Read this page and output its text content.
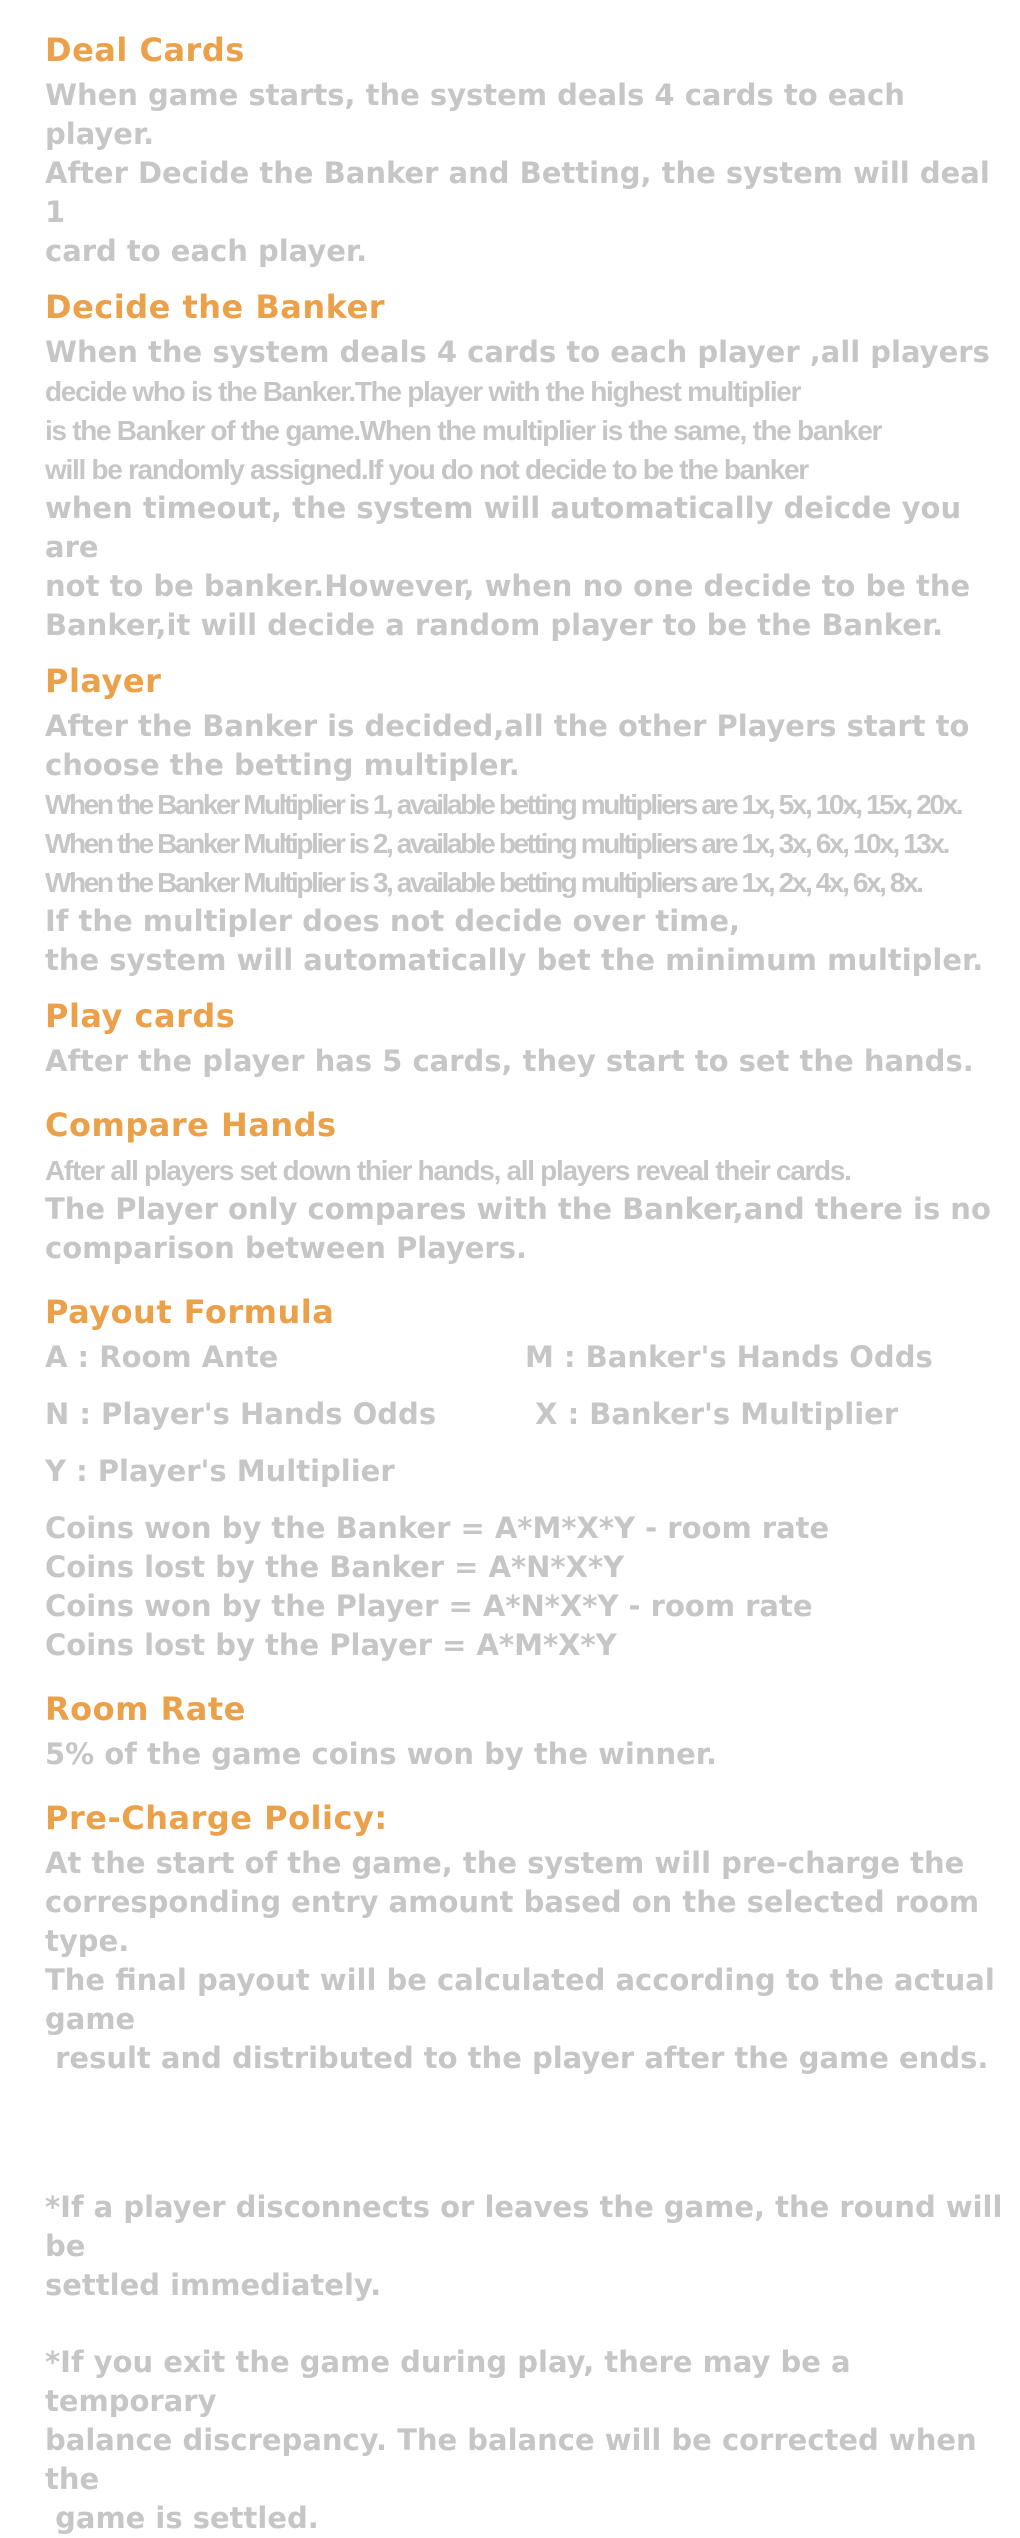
Deal Cards
When game starts, the system deals 4 cards to each player.
After Decide the Banker and Betting, the system will deal 1
card to each player.
Decide the Banker
When the system deals 4 cards to each player ,all players
decide who is the Banker.The player with the highest multiplier
is the Banker of the game.When the multiplier is the same, the banker
will be randomly assigned.If you do not decide to be the banker
when timeout, the system will automatically deicde you are
not to be banker.However, when no one decide to be the
Banker,it will decide a random player to be the Banker.
Player
After the Banker is decided,all the other Players start to
choose the betting multipler.
When the Banker Multiplier is 1, available betting multipliers are 1x, 5x, 10x, 15x, 20x.
When the Banker Multiplier is 2, available betting multipliers are 1x, 3x, 6x, 10x, 13x.
When the Banker Multiplier is 3, available betting multipliers are 1x, 2x, 4x, 6x, 8x.
If the multipler does not decide over time,
the system will automatically bet the minimum multipler.
Play cards
After the player has 5 cards, they start to set the hands.
Compare Hands
After all players set down thier hands, all players reveal their cards.
The Player only compares with the Banker,and there is no
comparison between Players.
Payout Formula
A : Room Ante	M : Banker's Hands Odds
N : Player's Hands Odds	X : Banker's Multiplier
Y : Player's Multiplier
Coins won by the Banker = A*M*X*Y - room rate
Coins lost by the Banker = A*N*X*Y
Coins won by the Player = A*N*X*Y - room rate
Coins lost by the Player = A*M*X*Y
Room Rate
5% of the game coins won by the winner.
Pre-Charge Policy:
At the start of the game, the system will pre-charge the
corresponding entry amount based on the selected room type.
The final payout will be calculated according to the actual game
result and distributed to the player after the game ends.
*If a player disconnects or leaves the game, the round will be
settled immediately.
*If you exit the game during play, there may be a temporary
balance discrepancy. The balance will be corrected when the
game is settled.
